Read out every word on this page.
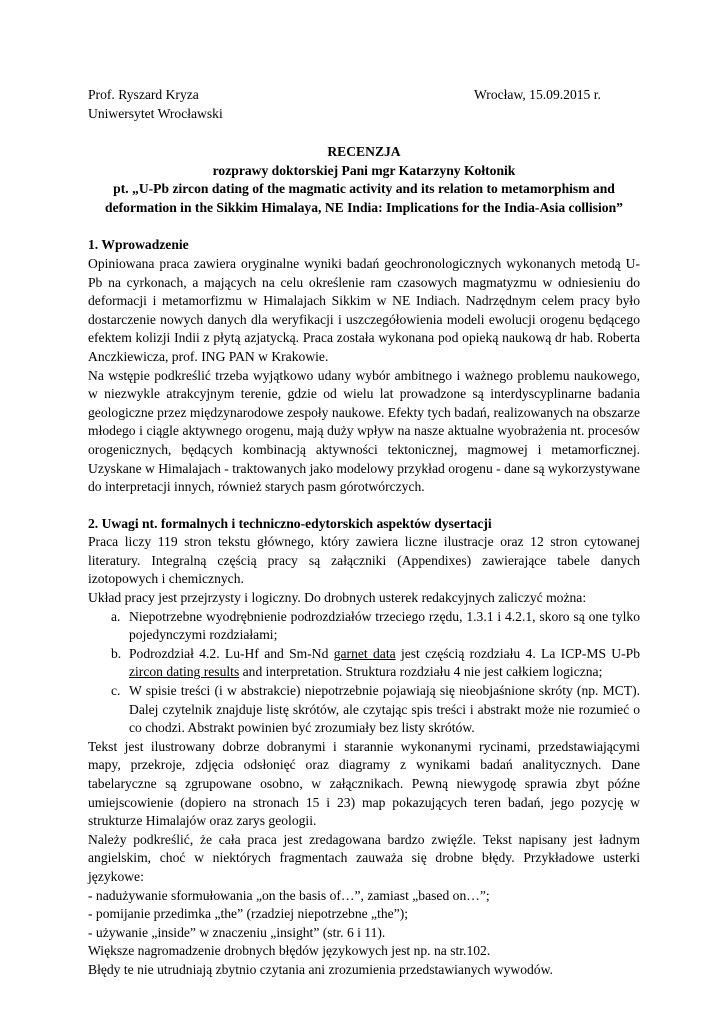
Prof. Ryszard Kryza
Uniwersytet Wrocławski
Wrocław, 15.09.2015 r.
RECENZJA
rozprawy doktorskiej Pani mgr Katarzyny Kołtonik
pt. „U-Pb zircon dating of the magmatic activity and its relation to metamorphism and
deformation in the Sikkim Himalaya, NE India: Implications for the India-Asia collision”
1. Wprowadzenie

Opiniowana praca zawiera oryginalne wyniki badań geochronologicznych wykonanych metodą U-Pb na cyrkonach, a mających na celu określenie ram czasowych magmatyzmu w odniesieniu do deformacji i metamorfizmu w Himalajach Sikkim w NE Indiach. Nadrzędnym celem pracy było dostarczenie nowych danych dla weryfikacji i uszczegółowienia modeli ewolucji orogenu będącego efektem kolizji Indii z płytą azjatycką. Praca została wykonana pod opieką naukową dr hab. Roberta Anczkiewicza, prof. ING PAN w Krakowie.

Na wstępie podkreślić trzeba wyjątkowo udany wybór ambitnego i ważnego problemu naukowego, w niezwykle atrakcyjnym terenie, gdzie od wielu lat prowadzone są interdyscyplinarne badania geologiczne przez międzynarodowe zespoły naukowe. Efekty tych badań, realizowanych na obszarze młodego i ciągle aktywnego orogenu, mają duży wpływ na nasze aktualne wyobrażenia nt. procesów orogenicznych, będących kombinacją aktywności tektonicznej, magmowej i metamorficznej. Uzyskane w Himalajach - traktowanych jako modelowy przykład orogenu - dane są wykorzystywane do interpretacji innych, również starych pasm górotwórczych.

2. Uwagi nt. formalnych i techniczno-edytorskich aspektów dysertacji

Praca liczy 119 stron tekstu głównego, który zawiera liczne ilustracje oraz 12 stron cytowanej literatury. Integralną częścią pracy są załączniki (Appendixes) zawierające tabele danych izotopowych i chemicznych.

Układ pracy jest przejrzysty i logiczny. Do drobnych usterek redakcyjnych zaliczyć można:

a. Niepotrzebne wyodrębnienie podrozdziałów trzeciego rzędu, 1.3.1 i 4.2.1, skoro są one tylko pojedynczymi rozdziałami;
b. Podrozdział 4.2. Lu-Hf and Sm-Nd garnet data jest częścią rozdziału 4. La ICP-MS U-Pb zircon dating results and interpretation. Struktura rozdziału 4 nie jest całkiem logiczna;
c. W spisie treści (i w abstrakcie) niepotrzebnie pojawiają się nieobjaśnione skróty (np. MCT). Dalej czytelnik znajduje listę skrótów, ale czytając spis treści i abstrakt może nie rozumieć o co chodzi. Abstrakt powinien być zrozumiały bez listy skrótów.

Tekst jest ilustrowany dobrze dobranymi i starannie wykonanymi rycinami, przedstawiającymi mapy, przekroje, zdjęcia odsłonięć oraz diagramy z wynikami badań analitycznych. Dane tabelaryczne są zgrupowane osobno, w załącznikach. Pewną niewygodę sprawia zbyt późne umiejscowienie (dopiero na stronach 15 i 23) map pokazujących teren badań, jego pozycję w strukturze Himalajów oraz zarys geologii.

Należy podkreślić, że cała praca jest zredagowana bardzo zwięźle. Tekst napisany jest ładnym angielskim, choć w niektórych fragmentach zauważa się drobne błędy. Przykładowe usterki językowe:

- nadużywanie sformułowania „on the basis of…”, zamiast „based on…”;

- pomijanie przedimka „the” (rzadziej niepotrzebne „the”);

- używanie „inside” w znaczeniu „insight” (str. 6 i 11).

Większe nagromadzenie drobnych błędów językowych jest np. na str.102.

Błędy te nie utrudniają zbytnio czytania ani zrozumienia przedstawianych wywodów.
